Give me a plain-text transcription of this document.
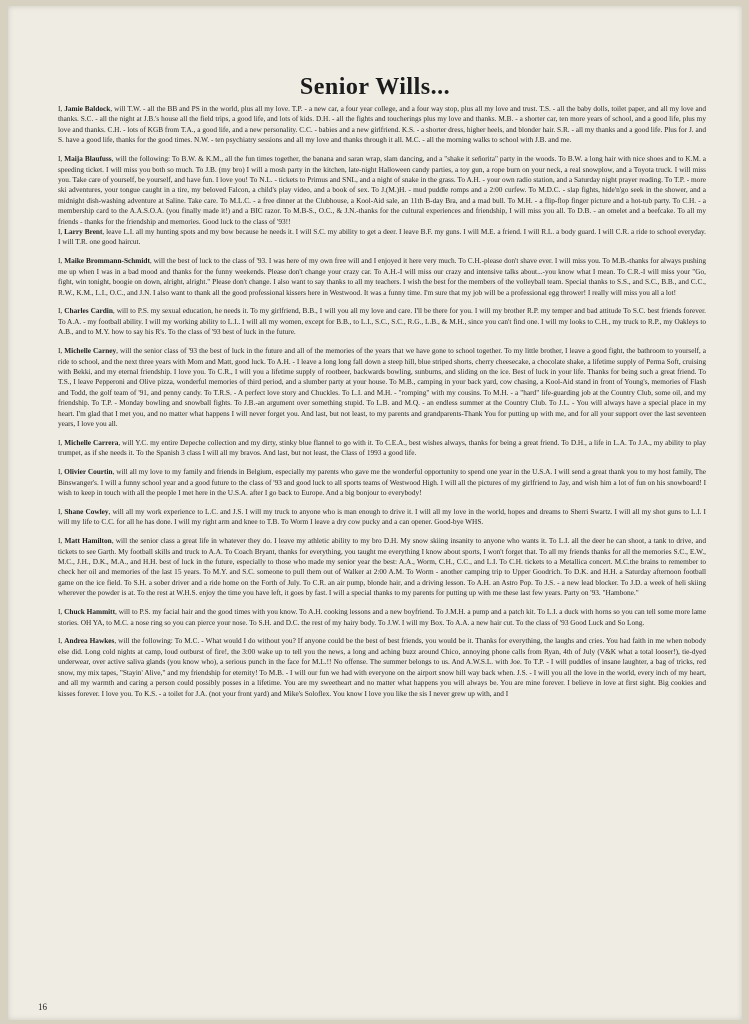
Senior Wills...

I, Jamie Baldock, will T.W. - all the BB and PS in the world, plus all my love. T.P. - a new car, a four year college, and a four way stop, plus all my love and trust. T.S. - all the baby dolls, toilet paper, and all my love and thanks. S.C. - all the night at J.B.'s house all the field trips, a good life, and lots of kids. D.H. - all the fights and toucherings plus my love and thanks. M.B. - a shorter car, ten more years of school, and a good life, plus my love and thanks. C.H. - lots of KGB from T.A., a good life, and a new personality. C.C. - babies and a new girlfriend. K.S. - a shorter dress, higher heels, and blonder hair. S.R. - all my thanks and a good life. Plus for J. and S. have a good life, thanks for the good times. N.W. - ten psychiatry sessions and all my love and thanks through it all. M.C. - all the morning walks to school with J.B. and me.

I, Maija Blaufuss, will the following: To B.W. & K.M., all the fun times together, the banana and saran wrap, slam dancing, and a "shake it señorita" party in the woods. To B.W. a long hair with nice shoes and to K.M. a speeding ticket. I will miss you both so much. To J.B. (my bro) I will a mosh party in the kitchen, late-night Halloween candy parties, a toy gun, a rope burn on your neck, a real snowplow, and a Toyota truck. I will miss you. Take care of yourself, be yourself, and have fun. I love you! To N.L. - tickets to Primus and SNL, and a night of snake in the grass. To A.H. - your own radio station, and a Saturday night prayer reading. To T.P. - more ski adventures, your tongue caught in a tire, my beloved Falcon, a child's play video, and a book of sex. To J.(M.)H. - mud puddle romps and a 2:00 curfew. To M.D.C. - slap fights, hide'n'go seek in the shower, and a midnight dish-washing adventure at Saline. Take care. To M.L.C. - a free dinner at the Clubhouse, a Kool-Aid sale, an 11th B-day Bra, and a mad bull. To M.H. - a flip-flop finger picture and a hot-tub party. To C.H. - a membership card to the A.A.S.O.A. (you finally made it!) and a BIC razor. To M.B-S., O.C., & J.N.-thanks for the cultural experiences and friendship, I will miss you all. To D.B. - an omelet and a beefcake. To all my friends - thanks for the friendship and memories. Good luck to the class of '93!!

I, Larry Brent, leave L.I. all my hunting spots and my bow because he needs it. I will S.C. my ability to get a deer. I leave B.F. my guns. I will M.E. a friend. I will R.L. a body guard. I will C.R. a ride to school everyday. I will T.R. one good haircut.

I, Maike Brommann-Schmidt, will the best of luck to the class of '93. I was here of my own free will and I enjoyed it here very much. To C.H.-please don't shave ever. I will miss you. To M.B.-thanks for always pushing me up when I was in a bad mood and thanks for the funny weekends. Please don't change your crazy car. To A.H.-I will miss our crazy and intensive talks about...-you know what I mean. To C.R.-I will miss your "Go, fight, win tonight, boogie on down, alright, alright." Please don't change. I also want to say thanks to all my teachers. I wish the best for the members of the volleyball team. Special thanks to S.S., and S.C., B.B., and C.C., R.W., K.M., L.I., O.C., and J.N. I also want to thank all the good professional kissers here in Westwood. It was a funny time. I'm sure that my job will be a professional egg thrower! I really will miss you all a lot!

I, Charles Cardin, will to P.S. my sexual education, he needs it. To my girlfriend, B.B., I will you all my love and care. I'll be there for you. I will my brother R.P. my temper and bad attitude To S.C. best friends forever. To A.A. - my football ability. I will my working ability to L.I.. I will all my women, except for B.B., to L.I., S.C., S.C., R.G., L.B., & M.H., since you can't find one. I will my looks to C.H., my truck to R.P., my Oakleys to A.B., and to M.Y. how to say his R's. To the class of '93 best of luck in the future.

I, Michelle Carney, will the senior class of '93 the best of luck in the future and all of the memories of the years that we have gone to school together. To my little brother, I leave a good fight, the bathroom to yourself, a ride to school, and the next three years with Mom and Matt, good luck. To A.H. - I leave a long long fall down a steep hill, blue striped shorts, cherry cheesecake, a chocolate shake, a lifetime supply of Perma Soft, cruising with Bekki, and my eternal friendship. I love you. To C.R., I will you a lifetime supply of rootbeer, backwards bowling, sunburns, and sliding on the ice. Best of luck in your life. Thanks for being such a great friend. To T.S., I leave Pepperoni and Olive pizza, wonderful memories of third period, and a slumber party at your house. To M.B., camping in your back yard, cow chasing, a Kool-Aid stand in front of Young's, memories of Flash and Todd, the golf team of '91, and penny candy. To T.R.S. - A perfect love story and Chuckles. To L.I. and M.H. - "romping" with my cousins. To M.H. - a "hard" life-guarding job at the Country Club, some oil, and my friendship. To T.P. - Monday bowling and snowball fights. To J.B.-an argument over something stupid. To L.B. and M.Q. - an endless summer at the Country Club. To J.L. - You will always have a special place in my heart. I'm glad that I met you, and no matter what happens I will never forget you. And last, but not least, to my parents and grandparents-Thank You for putting up with me, and for all your support over the last seventeen years, I love you all.

I, Michelle Carrera, will Y.C. my entire Depeche collection and my dirty, stinky blue flannel to go with it. To C.E.A., best wishes always, thanks for being a great friend. To D.H., a life in L.A. To J.A., my ability to play trumpet, as if she needs it. To the Spanish 3 class I will all my bravos. And last, but not least, the Class of 1993 a good life.

I, Olivier Courtin, will all my love to my family and friends in Belgium, especially my parents who gave me the wonderful opportunity to spend one year in the U.S.A. I will send a great thank you to my host family, The Binswanger's. I will a funny school year and a good future to the class of '93 and good luck to all sports teams of Westwood High. I will all the pictures of my girlfriend to Jay, and wish him a lot of fun on his snowboard! I wish to keep in touch with all the people I met here in the U.S.A. after I go back to Europe. And a big bonjour to everybody!

I, Shane Cowley, will all my work experience to L.C. and J.S. I will my truck to anyone who is man enough to drive it. I will all my love in the world, hopes and dreams to Sherri Swartz. I will all my shot guns to L.I. I will my life to C.C. for all he has done. I will my right arm and knee to T.B. To Worm I leave a dry cow pucky and a can opener. Good-bye WHS.

I, Matt Hamilton, will the senior class a great life in whatever they do. I leave my athletic ability to my bro D.H. My snow skiing insanity to anyone who wants it. To L.I. all the deer he can shoot, a tank to drive, and tickets to see Garth. My football skills and truck to A.A. To Coach Bryant, thanks for everything, you taught me everything I know about sports, I won't forget that. To all my friends thanks for all the memories S.C., E.W., M.C., J.H., D.K., M.A., and H.H. best of luck in the future, especially to those who made my senior year the best: A.A., Worm, C.H., C.C., and L.I. To C.H. tickets to a Metallica concert. M.C.the brains to remember to check her oil and memories of the last 15 years. To M.Y. and S.C. someone to pull them out of Walker at 2:00 A.M. To Worm - another camping trip to Upper Goodrich. To D.K. and H.H. a Saturday afternoon football game on the ice field. To S.H. a sober driver and a ride home on the Forth of July. To C.R. an air pump, blonde hair, and a driving lesson. To A.H. an Astro Pop. To J.S. - a new lead blocker. To J.D. a week of heli skiing wherever the powder is at. To the rest at W.H.S. enjoy the time you have left, it goes by fast. I will a special thanks to my parents for putting up with me these last few years. Party on '93. "Hambone."

I, Chuck Hammitt, will to P.S. my facial hair and the good times with you know. To A.H. cooking lessons and a new boyfriend. To J.M.H. a pump and a patch kit. To L.I. a duck with horns so you can tell some more lame stories. OH YA, to M.C. a nose ring so you can pierce your nose. To S.H. and D.C. the rest of my hairy body. To J.W. I will my Box. To A.A. a new hair cut. To the class of '93 Good Luck and So Long.

I, Andrea Hawkes, will the following: To M.C. - What would I do without you? If anyone could be the best of best friends, you would be it. Thanks for everything, the laughs and cries. You had faith in me when nobody else did. Long cold nights at camp, loud outburst of fire!, the 3:00 wake up to tell you the news, a long and aching buzz around Chico, annoying phone calls from Ryan, 4th of July (V&K what a total looser!), tie-dyed underwear, over active saliva glands (you know who), a serious punch in the face for M.L.!! No offense. The summer belongs to us. And A.W.S.L. with Joe. To T.P. - I will puddles of insane laughter, a bag of tricks, red snow, my mix tapes, "Stayin' Alive," and my friendship for eternity! To M.B. - I will our fun we had with everyone on the airport snow hill way back when. J.S. - I will you all the love in the world, every inch of my heart, and all my warmth and caring a person could possibly posses in a lifetime. You are my sweetheart and no matter what happens you will always be. You are mine forever. I believe in love at first sight. Big cookies and kisses forever. I love you. To K.S. - a toilet for J.A. (not your front yard) and Mike's Soloflex. You know I love you like the sis I never grew up with, and I

16
